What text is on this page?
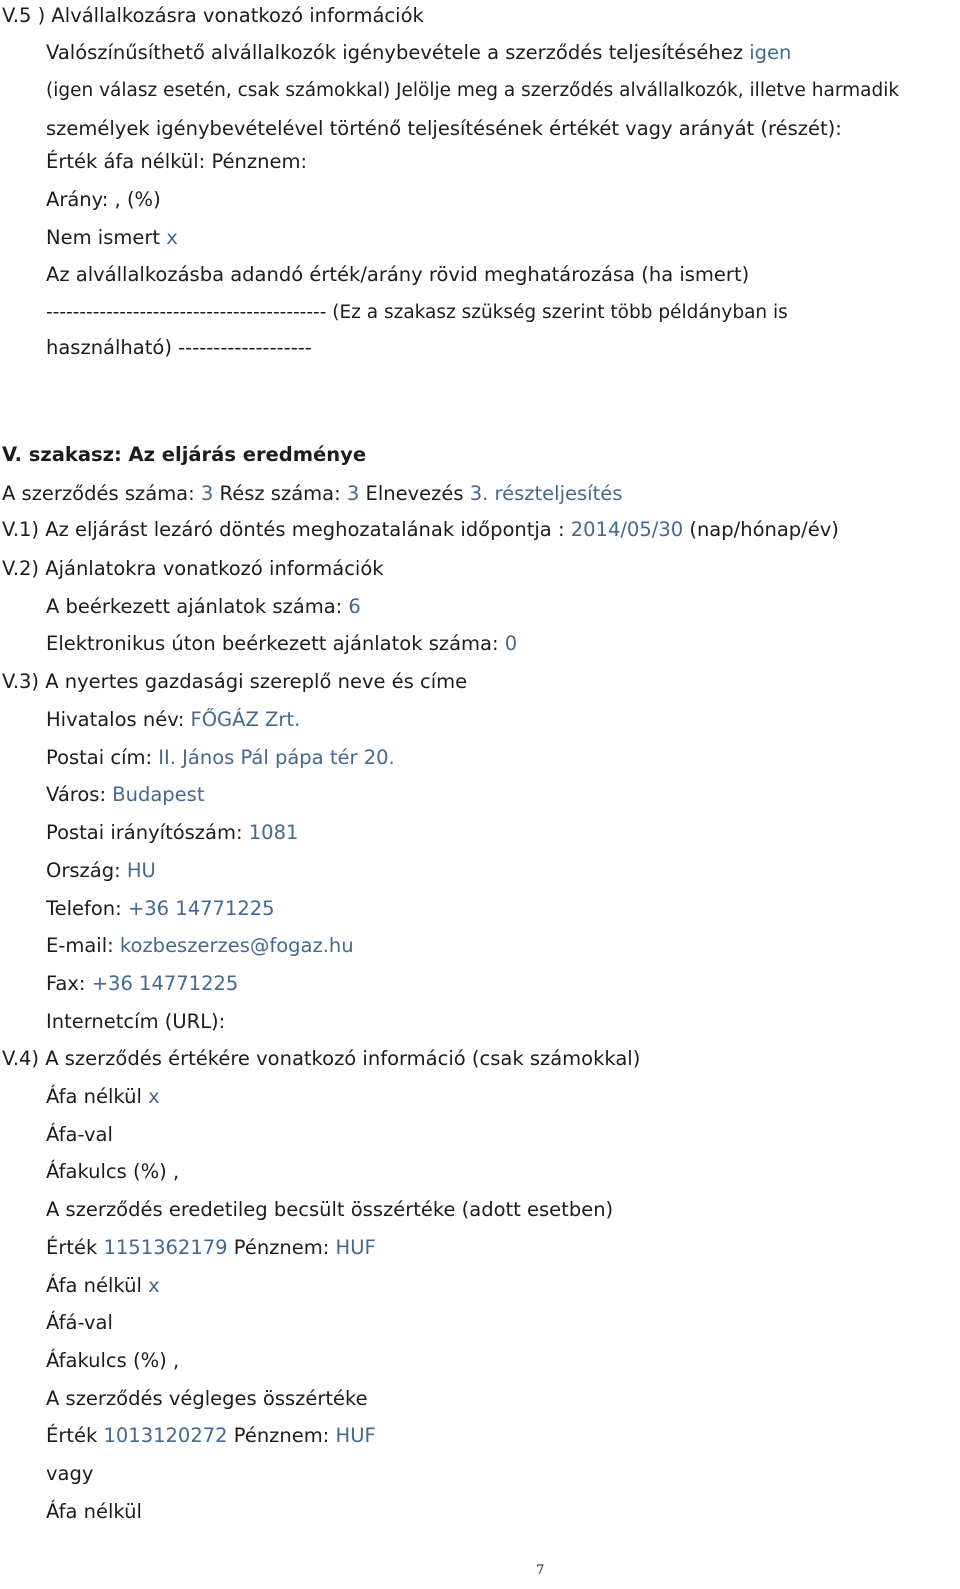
V.5 ) Alvállalkozásra vonatkozó információk
Valószínűsíthető alvállalkozók igénybevétele a szerződés teljesítéséhez igen
(igen válasz esetén, csak számokkal) Jelölje meg a szerződés alvállalkozók, illetve harmadik
személyek igénybevételével történő teljesítésének értékét vagy arányát (részét):
Érték áfa nélkül: Pénznem:
Arány: , (%)
Nem ismert x
Az alvállalkozásba adandó érték/arány rövid meghatározása (ha ismert)
------------------------------------------ (Ez a szakasz szükség szerint több példányban is
használható) -------------------
V. szakasz: Az eljárás eredménye
A szerződés száma: 3 Rész száma: 3 Elnevezés 3. részteljesítés
V.1) Az eljárást lezáró döntés meghozatalának időpontja : 2014/05/30 (nap/hónap/év)
V.2) Ajánlatokra vonatkozó információk
A beérkezett ajánlatok száma: 6
Elektronikus úton beérkezett ajánlatok száma: 0
V.3) A nyertes gazdasági szereplő neve és címe
Hivatalos név: FŐGÁZ Zrt.
Postai cím: II. János Pál pápa tér 20.
Város: Budapest
Postai irányítószám: 1081
Ország: HU
Telefon: +36 14771225
E-mail: kozbeszerzes@fogaz.hu
Fax: +36 14771225
Internetcím (URL):
V.4) A szerződés értékére vonatkozó információ (csak számokkal)
Áfa nélkül x
Áfa-val
Áfakulcs (%) ,
A szerződés eredetileg becsült összértéke (adott esetben)
Érték 1151362179 Pénznem: HUF
Áfa nélkül x
Áfá-val
Áfakulcs (%) ,
A szerződés végleges összértéke
Érték 1013120272 Pénznem: HUF
vagy
Áfa nélkül
7
